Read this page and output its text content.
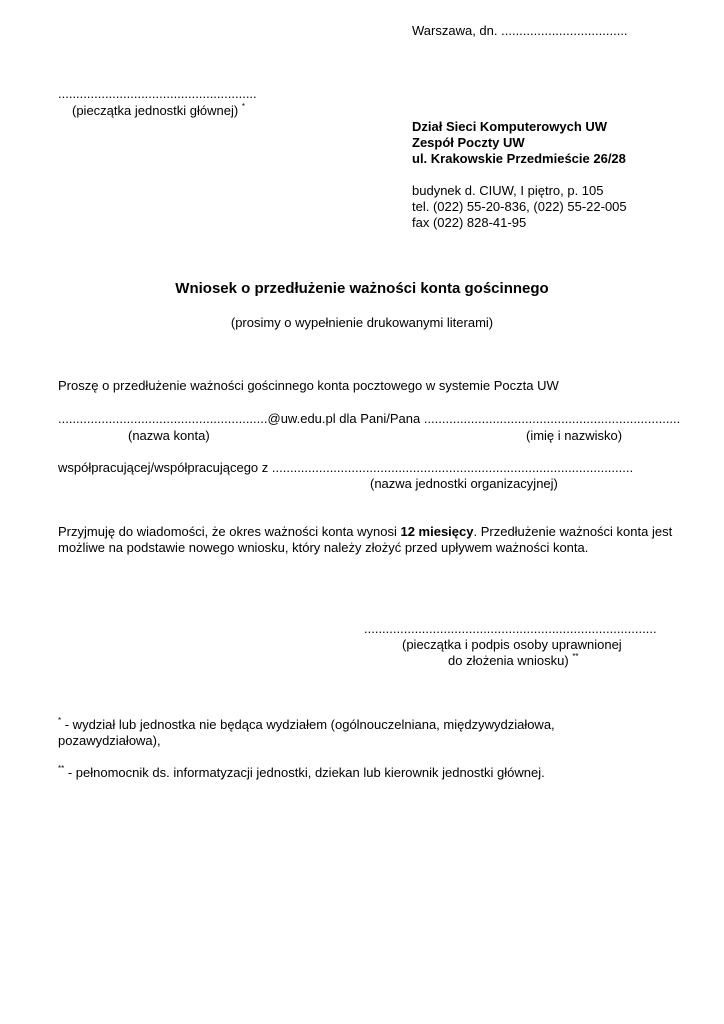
Warszawa, dn. ...................................
.......................................................
(pieczątka jednostki głównej) *
Dział Sieci Komputerowych UW
Zespół Poczty UW
ul. Krakowskie Przedmieście 26/28
budynek d. CIUW, I piętro, p. 105
tel. (022) 55-20-836, (022) 55-22-005
fax (022) 828-41-95
Wniosek o przedłużenie ważności konta gościnnego
(prosimy o wypełnienie drukowanymi literami)
Proszę o przedłużenie ważności gościnnego konta pocztowego w systemie Poczta UW
..........................................................@uw.edu.pl dla Pani/Pana .......................................................................
(nazwa konta)	(imię i nazwisko)
współpracującej/współpracującego z ....................................................................................................
(nazwa jednostki organizacyjnej)
Przyjmuję do wiadomości, że okres ważności konta wynosi 12 miesięcy. Przedłużenie ważności konta jest możliwe na podstawie nowego wniosku, który należy złożyć przed upływem ważności konta.
.................................................................................
(pieczątka i podpis osoby uprawnionej
do złożenia wniosku) **
* - wydział lub jednostka nie będąca wydziałem (ogólnouczelniana, międzywydziałowa, pozawydziałowa),
** - pełnomocnik ds. informatyzacji jednostki, dziekan lub kierownik jednostki głównej.
